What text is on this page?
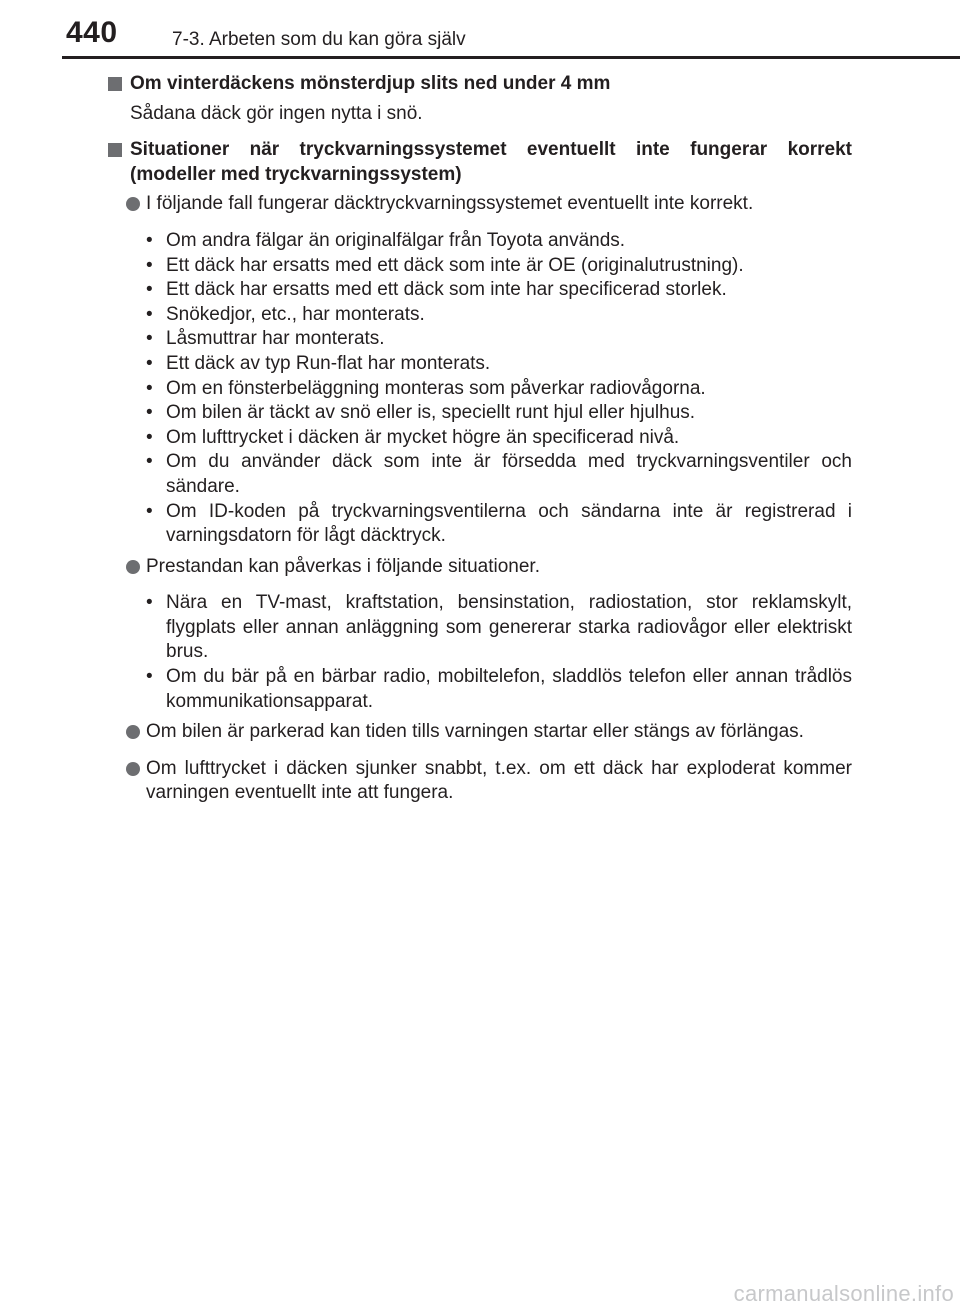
440	7-3. Arbeten som du kan göra själv
Om vinterdäckens mönsterdjup slits ned under 4 mm
Sådana däck gör ingen nytta i snö.
Situationer när tryckvarningssystemet eventuellt inte fungerar korrekt (modeller med tryckvarningssystem)
I följande fall fungerar däcktryckvarningssystemet eventuellt inte korrekt.
• Om andra fälgar än originalfälgar från Toyota används.
• Ett däck har ersatts med ett däck som inte är OE (originalutrustning).
• Ett däck har ersatts med ett däck som inte har specificerad storlek.
• Snökedjor, etc., har monterats.
• Låsmuttrar har monterats.
• Ett däck av typ Run-flat har monterats.
• Om en fönsterbeläggning monteras som påverkar radiovågorna.
• Om bilen är täckt av snö eller is, speciellt runt hjul eller hjulhus.
• Om lufttrycket i däcken är mycket högre än specificerad nivå.
• Om du använder däck som inte är försedda med tryckvarningsventiler och sändare.
• Om ID-koden på tryckvarningsventilerna och sändarna inte är registrerad i varningsdatorn för lågt däcktryck.
Prestandan kan påverkas i följande situationer.
• Nära en TV-mast, kraftstation, bensinstation, radiostation, stor reklamskylt, flygplats eller annan anläggning som genererar starka radiovågor eller elektriskt brus.
• Om du bär på en bärbar radio, mobiltelefon, sladdlös telefon eller annan trådlös kommunikationsapparat.
Om bilen är parkerad kan tiden tills varningen startar eller stängs av förlängas.
Om lufttrycket i däcken sjunker snabbt, t.ex. om ett däck har exploderat kommer varningen eventuellt inte att fungera.
carmanualsonline.info
